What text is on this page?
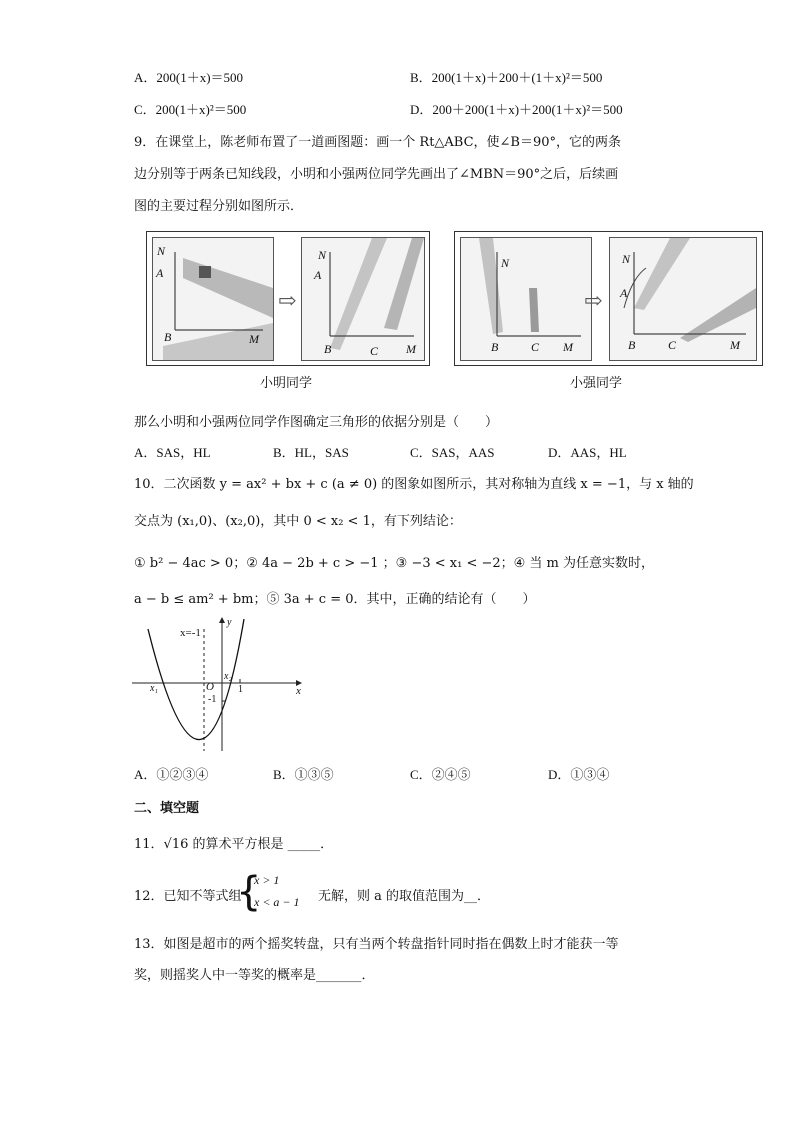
A．200(1＋x)＝500	B．200(1＋x)＋200＋(1＋x)²＝500
C．200(1＋x)²＝500	D．200＋200(1＋x)＋200(1＋x)²＝500
9．在课堂上，陈老师布置了一道画图题：画一个 Rt△ABC，使∠B＝90°，它的两条
边分别等于两条已知线段，小明和小强两位同学先画出了∠MBN＝90°之后，后续画
图的主要过程分别如图所示．
N
A
B	M
⇨
N
A
B	C M
小明同学
N
B	C M
⇨
N
A
B	C	M
小强同学
那么小明和小强两位同学作图确定三角形的依据分别是（　　）
A．SAS，HL	B．HL，SAS	C．SAS，AAS	D．AAS，HL
10．二次函数 y = ax² + bx + c (a ≠ 0) 的图象如图所示，其对称轴为直线 x = −1，与 x 轴的
交点为 (x₁,0)、(x₂,0)，其中 0 < x₂ < 1，有下列结论：
① b² − 4ac > 0；② 4a − 2b + c > −1 ；③ −3 < x₁ < −2；④ 当 m 为任意实数时，
a − b ≤ am² + bm；⑤ 3a + c = 0．其中，正确的结论有（　　）
x=-1
y
x
O
x₁
x₂
1
-1
A．①②③④	B．①③⑤	C．②④⑤	D．①③④
二、填空题
11．√16 的算术平方根是 _____．
12．已知不等式组
{
x > 1
x < a − 1 无解，则 a 的取值范围为__．
13．如图是超市的两个摇奖转盘，只有当两个转盘指针同时指在偶数上时才能获一等
奖，则摇奖人中一等奖的概率是_______．
